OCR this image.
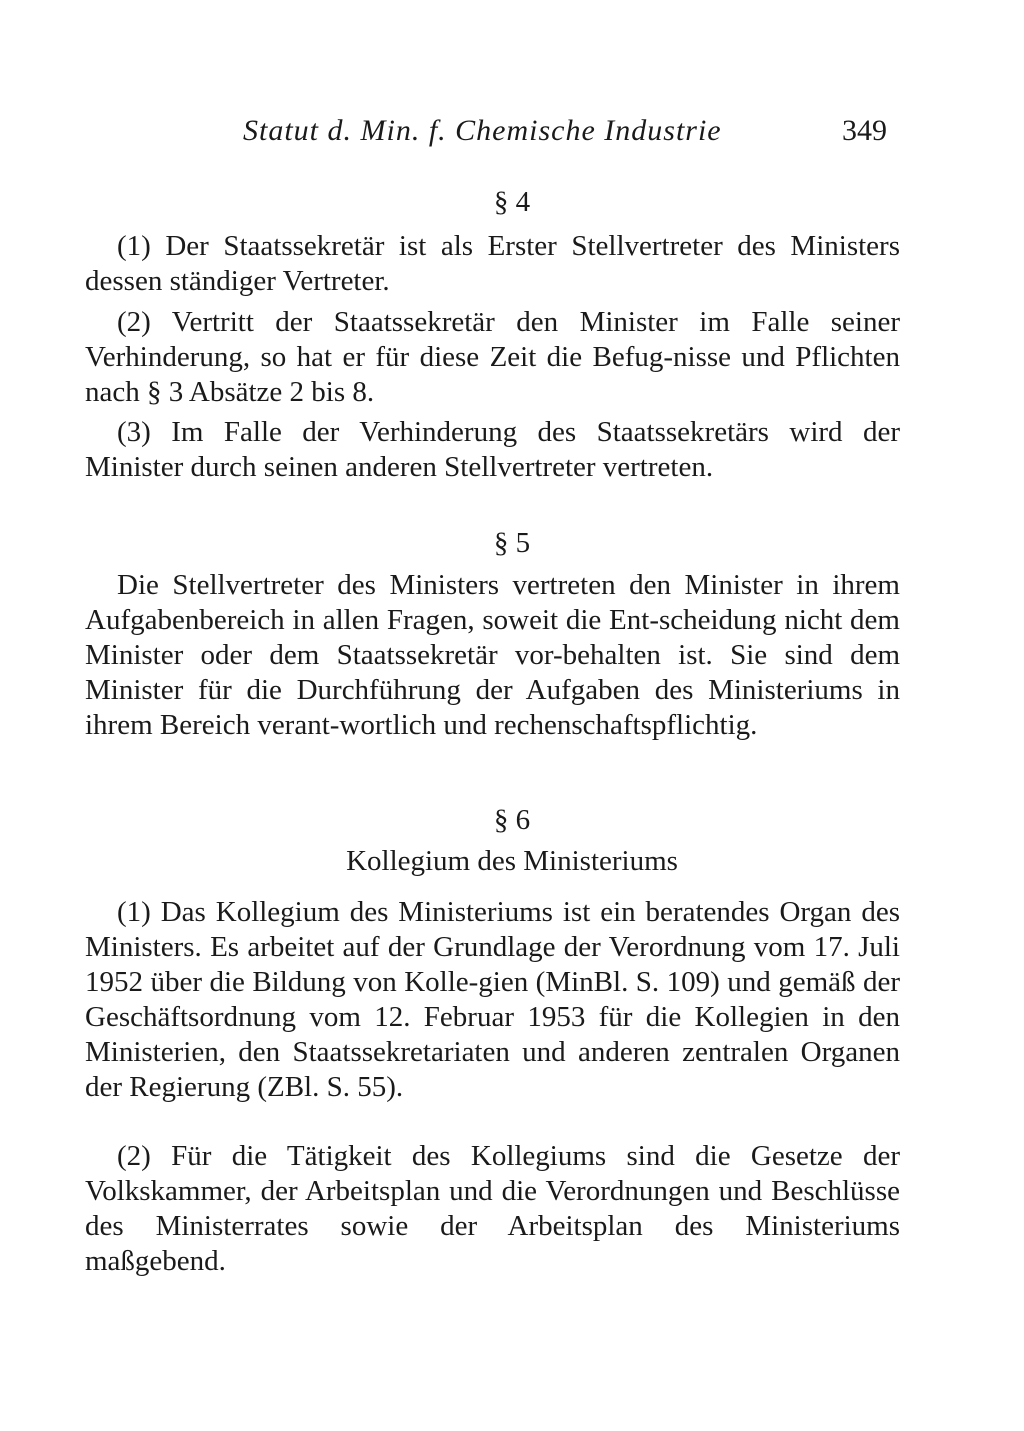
Statut d. Min. f. Chemische Industrie	349
§ 4
(1) Der Staatssekretär ist als Erster Stellvertreter des Ministers dessen ständiger Vertreter.
(2) Vertritt der Staatssekretär den Minister im Falle seiner Verhinderung, so hat er für diese Zeit die Befug-nisse und Pflichten nach § 3 Absätze 2 bis 8.
(3) Im Falle der Verhinderung des Staatssekretärs wird der Minister durch seinen anderen Stellvertreter vertreten.
§ 5
Die Stellvertreter des Ministers vertreten den Minister in ihrem Aufgabenbereich in allen Fragen, soweit die Ent-scheidung nicht dem Minister oder dem Staatssekretär vor-behalten ist. Sie sind dem Minister für die Durchführung der Aufgaben des Ministeriums in ihrem Bereich verant-wortlich und rechenschaftspflichtig.
§ 6
Kollegium des Ministeriums
(1) Das Kollegium des Ministeriums ist ein beratendes Organ des Ministers. Es arbeitet auf der Grundlage der Verordnung vom 17. Juli 1952 über die Bildung von Kolle-gien (MinBl. S. 109) und gemäß der Geschäftsordnung vom 12. Februar 1953 für die Kollegien in den Ministerien, den Staatssekretariaten und anderen zentralen Organen der Regierung (ZBl. S. 55).
(2) Für die Tätigkeit des Kollegiums sind die Gesetze der Volkskammer, der Arbeitsplan und die Verordnungen und Beschlüsse des Ministerrates sowie der Arbeitsplan des Ministeriums maßgebend.
